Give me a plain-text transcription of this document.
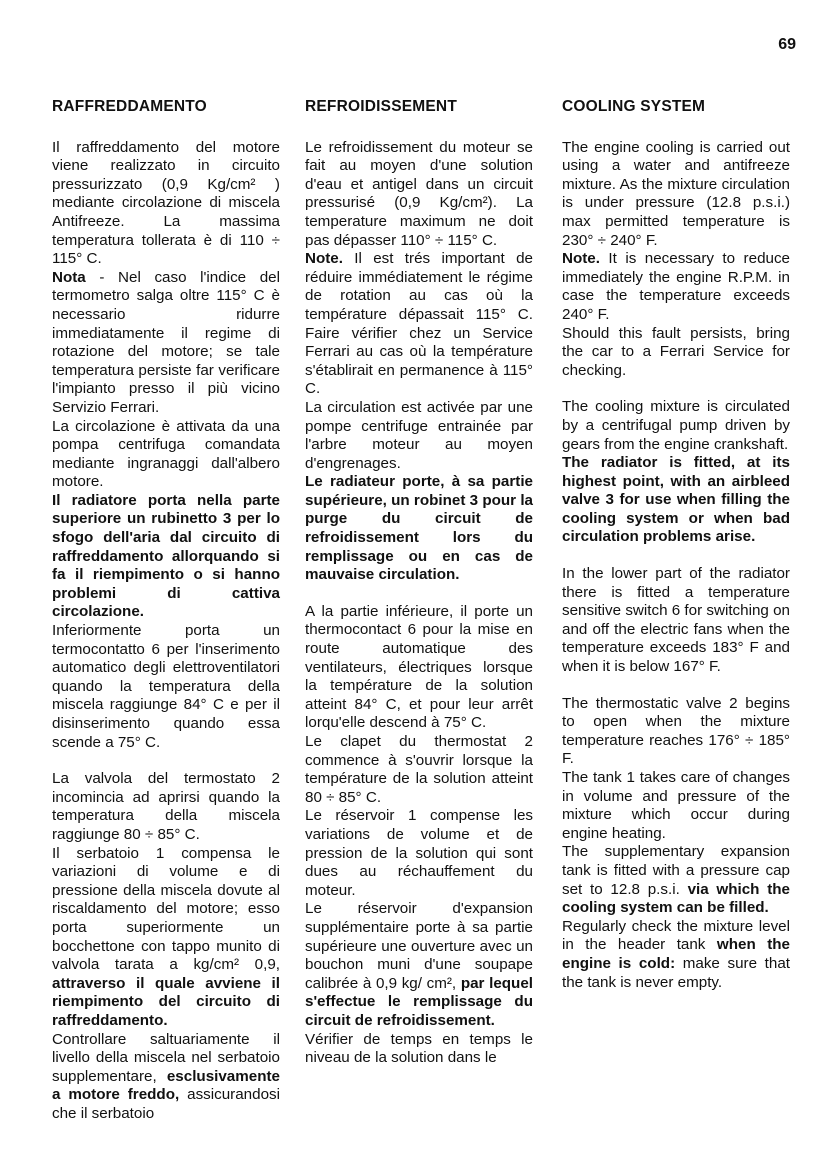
69
RAFFREDDAMENTO

Il raffreddamento del motore viene realizzato in circuito pressurizzato (0,9 Kg/cm² ) mediante circolazione di miscela Antifreeze. La massima temperatura tollerata è di 110 ÷ 115° C.

Nota - Nel caso l'indice del termometro salga oltre 115° C è necessario ridurre immediatamente il regime di rotazione del motore; se tale temperatura persiste far verificare l'impianto presso il più vicino Servizio Ferrari.

La circolazione è attivata da una pompa centrifuga comandata mediante ingranaggi dall'albero motore.

Il radiatore porta nella parte superiore un rubinetto 3 per lo sfogo dell'aria dal circuito di raffreddamento allorquando si fa il riempimento o si hanno problemi di cattiva circolazione.

Inferiormente porta un termocontatto 6 per l'inserimento automatico degli elettroventilatori quando la temperatura della miscela raggiunge 84° C e per il disinserimento quando essa scende a 75° C.

La valvola del termostato 2 incomincia ad aprirsi quando la temperatura della miscela raggiunge 80 ÷ 85° C.

Il serbatoio 1 compensa le variazioni di volume e di pressione della miscela dovute al riscaldamento del motore; esso porta superiormente un bocchettone con tappo munito di valvola tarata a kg/cm² 0,9, attraverso il quale avviene il riempimento del circuito di raffreddamento.

Controllare saltuariamente il livello della miscela nel serbatoio supplementare, esclusivamente a motore freddo, assicurandosi che il serbatoio

REFROIDISSEMENT

Le refroidissement du moteur se fait au moyen d'une solution d'eau et antigel dans un circuit pressurisé (0,9 Kg/cm²). La temperature maximum ne doit pas dépasser 110° ÷ 115° C.

Note. Il est trés important de réduire immédiatement le régime de rotation au cas où la température dépassait 115° C. Faire vérifier chez un Service Ferrari au cas où la température s'établirait en permanence à 115° C.

La circulation est activée par une pompe centrifuge entrainée par l'arbre moteur au moyen d'engrenages.

Le radiateur porte, à sa partie supérieure, un robinet 3 pour la purge du circuit de refroidissement lors du remplissage ou en cas de mauvaise circulation.

A la partie inférieure, il porte un thermocontact 6 pour la mise en route automatique des ventilateurs, électriques lorsque la température de la solution atteint 84° C, et pour leur arrêt lorqu'elle descend à 75° C.

Le clapet du thermostat 2 commence à s'ouvrir lorsque la température de la solution atteint 80 ÷ 85° C.

Le réservoir 1 compense les variations de volume et de pression de la solution qui sont dues au réchauffement du moteur.

Le réservoir d'expansion supplémentaire porte à sa partie supérieure une ouverture avec un bouchon muni d'une soupape calibrée à 0,9 kg/ cm², par lequel s'effectue le remplissage du circuit de refroidissement.

Vérifier de temps en temps le niveau de la solution dans le

COOLING SYSTEM

The engine cooling is carried out using a water and antifreeze mixture. As the mixture circulation is under pressure (12.8 p.s.i.) max permitted temperature is 230° ÷ 240° F.

Note. It is necessary to reduce immediately the engine R.P.M. in case the temperature exceeds 240° F.

Should this fault persists, bring the car to a Ferrari Service for checking.

The cooling mixture is circulated by a centrifugal pump driven by gears from the engine crankshaft.

The radiator is fitted, at its highest point, with an airbleed valve 3 for use when filling the cooling system or when bad circulation problems arise.

In the lower part of the radiator there is fitted a temperature sensitive switch 6 for switching on and off the electric fans when the temperature exceeds 183° F and when it is below 167° F.

The thermostatic valve 2 begins to open when the mixture temperature reaches 176° ÷ 185° F.

The tank 1 takes care of changes in volume and pressure of the mixture which occur during engine heating.

The supplementary expansion tank is fitted with a pressure cap set to 12.8 p.s.i. via which the cooling system can be filled.

Regularly check the mixture level in the header tank when the engine is cold: make sure that the tank is never empty.
